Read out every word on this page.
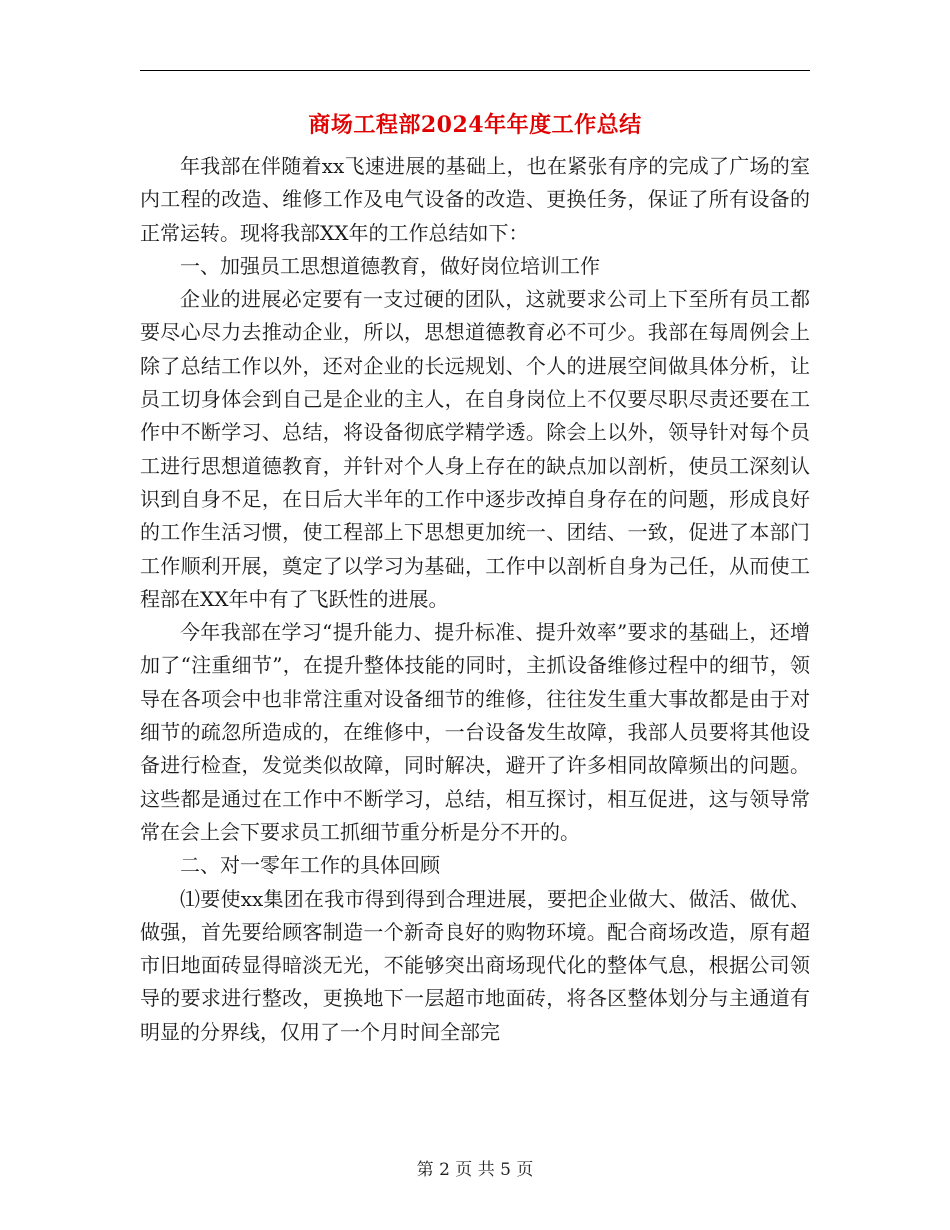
商场工程部2024年年度工作总结

年我部在伴随着xx飞速进展的基础上，也在紧张有序的完成了广场的室内工程的改造、维修工作及电气设备的改造、更换任务，保证了所有设备的正常运转。现将我部XX年的工作总结如下：

一、加强员工思想道德教育，做好岗位培训工作

企业的进展必定要有一支过硬的团队，这就要求公司上下至所有员工都要尽心尽力去推动企业，所以，思想道德教育必不可少。我部在每周例会上除了总结工作以外，还对企业的长远规划、个人的进展空间做具体分析，让员工切身体会到自己是企业的主人，在自身岗位上不仅要尽职尽责还要在工作中不断学习、总结，将设备彻底学精学透。除会上以外，领导针对每个员工进行思想道德教育，并针对个人身上存在的缺点加以剖析，使员工深刻认识到自身不足，在日后大半年的工作中逐步改掉自身存在的问题，形成良好的工作生活习惯，使工程部上下思想更加统一、团结、一致，促进了本部门工作顺利开展，奠定了以学习为基础，工作中以剖析自身为己任，从而使工程部在XX年中有了飞跃性的进展。

今年我部在学习“提升能力、提升标准、提升效率”要求的基础上，还增加了“注重细节”，在提升整体技能的同时，主抓设备维修过程中的细节，领导在各项会中也非常注重对设备细节的维修，往往发生重大事故都是由于对细节的疏忽所造成的，在维修中，一台设备发生故障，我部人员要将其他设备进行检查，发觉类似故障，同时解决，避开了许多相同故障频出的问题。这些都是通过在工作中不断学习，总结，相互探讨，相互促进，这与领导常常在会上会下要求员工抓细节重分析是分不开的。

二、对一零年工作的具体回顾

⑴要使xx集团在我市得到得到合理进展，要把企业做大、做活、做优、做强，首先要给顾客制造一个新奇良好的购物环境。配合商场改造，原有超市旧地面砖显得暗淡无光，不能够突出商场现代化的整体气息，根据公司领导的要求进行整改，更换地下一层超市地面砖，将各区整体划分与主通道有明显的分界线，仅用了一个月时间全部完

第 2 页 共 5 页
